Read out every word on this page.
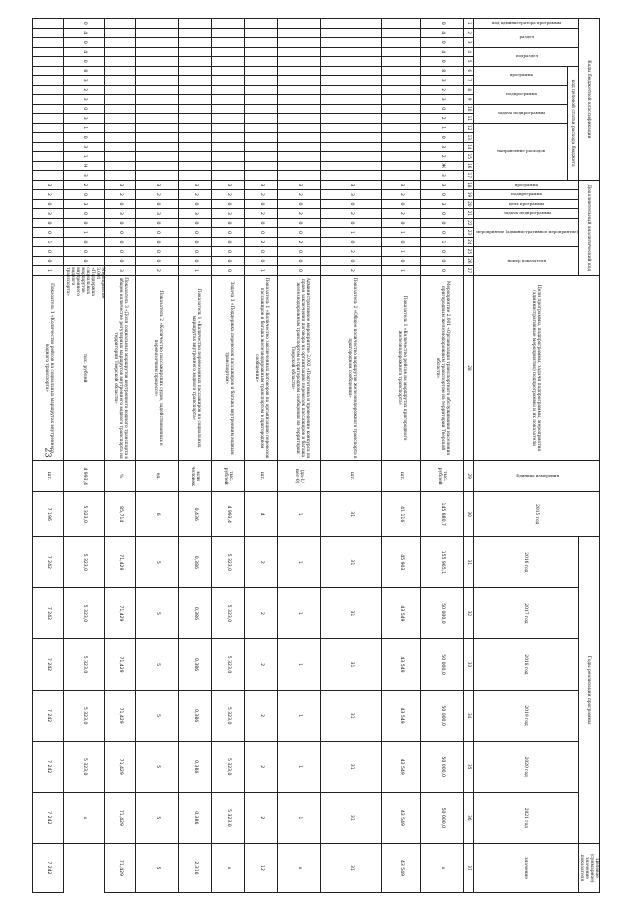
23
Коды бюджетной классификации																	Дополнительный аналитический код										Цели программы, подпрограммы, задачи подпрограммы, мероприятия (административные мероприятия) подпрограммы и их показатели	Единица измерения	2015 год	Годы реализации программы						Целевое (суммарное) значение показателя
код администратора программы	раздел		подраздел		код целевой статьи расхода бюджета												программа	подпрограмма	цель программы	задача подпрограммы	мероприятие (административное мероприятие)			номер показателя						2016 год	2017 год	2018 год	2019 год	2020 год	2021 год	значение
					программа		подпрограмма		задача подпрограммы		направление расходов																									
1	2	3	4	5	6	7	8	9	10	11	12	13	14	15	16	17	18	19	20	21	22	23	24	25	26	27	28	29	30	31	32	33	34	35	36	37
0	4	0	4	0	8	3	2	3	0	2	1	0	3	2	Ж	3	3	0	3	0	0	0	1	0	0	0	Мероприятие 2.001 «Организация транспортного обслуживания населения пригородным железнодорожным транспортом на территории Тверской области»	тыс. рублей	145 880,7	155 965,1	50 000,0	50 000,0	50 000,0	50 000,0	50 000,0	x
																	3	2	0	2	0	1	0	1	0	1	Показатель 1 «Количество рейсов на маршрутах пригородного железнодорожного транспорта»	шт.	41 116	45 903	43 549	43 549	43 549	43 549	43 549	43 549
																	3	3	0	2	0	1	0	2	0	2	Показатель 2 «Общее количество маршрутов железнодорожного транспорта в пригородном сообщении»	шт.	31	31	31	31	31	31	31	31
																	3	2	0	2	0	0	2	0	0	0	Административное мероприятие 2.002 «Подготовка и проведение конкурса на право заключения договора на организацию перевозок пассажиров и багажа железнодорожным транспортом в пригородном сообщении на территории Тверской области»	(да-1/нет-0)	1	1	1	1	1	1	1	x
																	3	2	0	2	0	0	2	0	0	1	Показатель 1 «Количество заключенных договоров на организацию перевозок пассажиров и багажа железнодорожным транспортом в пригородном сообщении»	шт.	4	2	2	2	2	2	2	12
																	3	2	0	3	0	0	0	0	0	0	Задача 3 «Поддержка перевозок пассажиров и багажа внутренним водным транспортом»	тыс. рублей	4 993,4	5 323,0	5 323,0	5 323,0	5 323,0	5 323,0	5 323,0	x
																	3	2	0	3	0	0	0	0	0	1	Показатель 1 «Количество перевезенных пассажиров на социальных маршрутах внутреннего водного транспорта»	млн человек	0,436	0,386	0,386	0,386	0,386	0,386	0,386	2,316
																	3	2	0	3	0	0	0	0	0	2	Показатель 2 «Количество пассажирских судов, задействованных в перевозочном процессе»	ед.	6	5	5	5	5	5	5	5
																	3	2	0	3	0	0	0	0	0	3	Показатель 3 «Доля социальных маршрутов внутреннего водного транспорта в общем количестве регулярных маршрутов внутреннего водного транспорта на территории Тверской области»	%	85,714	71,429	71,429	71,429	71,429	71,429	71,429	71,429
0	4	0	4	0	8	3	2	3	0	3	1	0	3	1	Н	3	2	0	3	0	0	1	0	0	0	Мероприятие 3.001 «Поддержка социальных маршрутов внутреннего водного транспорта»	тыс. рублей	4 993,4	5 323,0	5 323,0	5 323,0	5 323,0	5 323,0	5 323,0	x	
																	3	2	0	3	0	0	1	0	0	1	Показатель 1 «Количество рейсов на социальных маршрутах внутреннего водного транспорта»	шт.	7 196	7 242	7 242	7 242	7 242	7 242	7 242	7 242
